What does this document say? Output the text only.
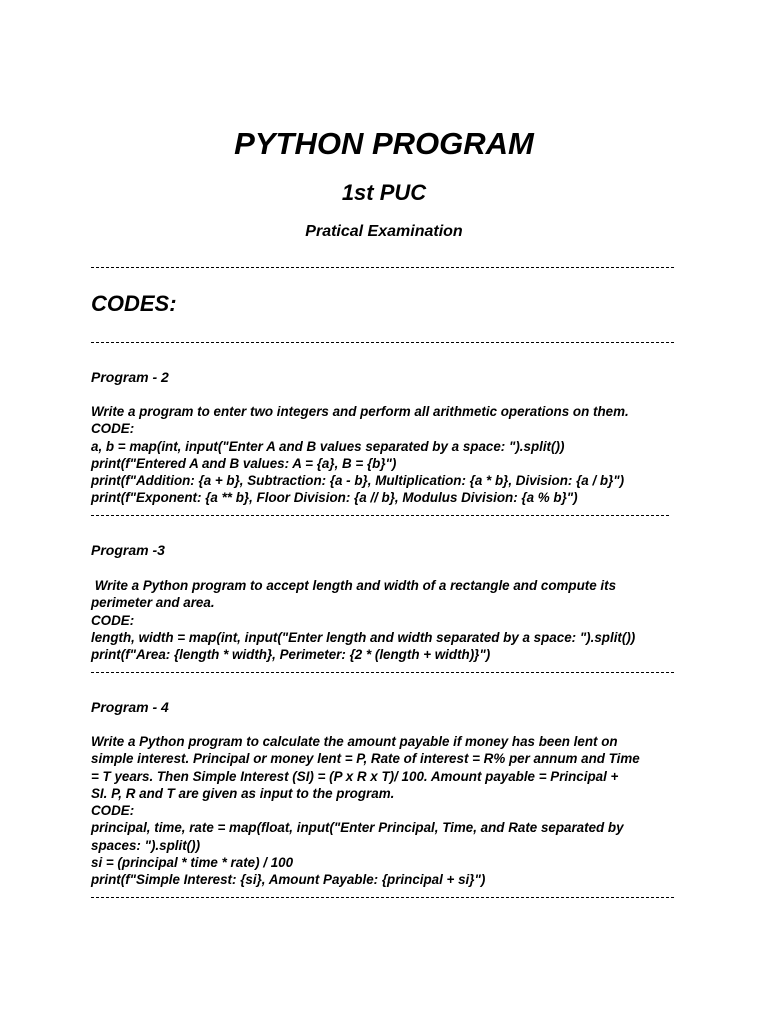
PYTHON PROGRAM
1st PUC
Pratical Examination
CODES:
Program - 2
Write a program to enter two integers and perform all arithmetic operations on them.
CODE:
a, b = map(int, input("Enter A and B values separated by a space: ").split())
print(f"Entered A and B values: A = {a}, B = {b}")
print(f"Addition: {a + b}, Subtraction: {a - b}, Multiplication: {a * b}, Division: {a / b}")
print(f"Exponent: {a ** b}, Floor Division: {a // b}, Modulus Division: {a % b}")
Program -3
Write a Python program to accept length and width of a rectangle and compute its
perimeter and area.
CODE:
length, width = map(int, input("Enter length and width separated by a space: ").split())
print(f"Area: {length * width}, Perimeter: {2 * (length + width)}")
Program - 4
Write a Python program to calculate the amount payable if money has been lent on
simple interest. Principal or money lent = P, Rate of interest = R% per annum and Time
= T years. Then Simple Interest (SI) = (P x R x T)/ 100. Amount payable = Principal +
SI. P, R and T are given as input to the program.
CODE:
principal, time, rate = map(float, input("Enter Principal, Time, and Rate separated by
spaces: ").split())
si = (principal * time * rate) / 100
print(f"Simple Interest: {si}, Amount Payable: {principal + si}")
